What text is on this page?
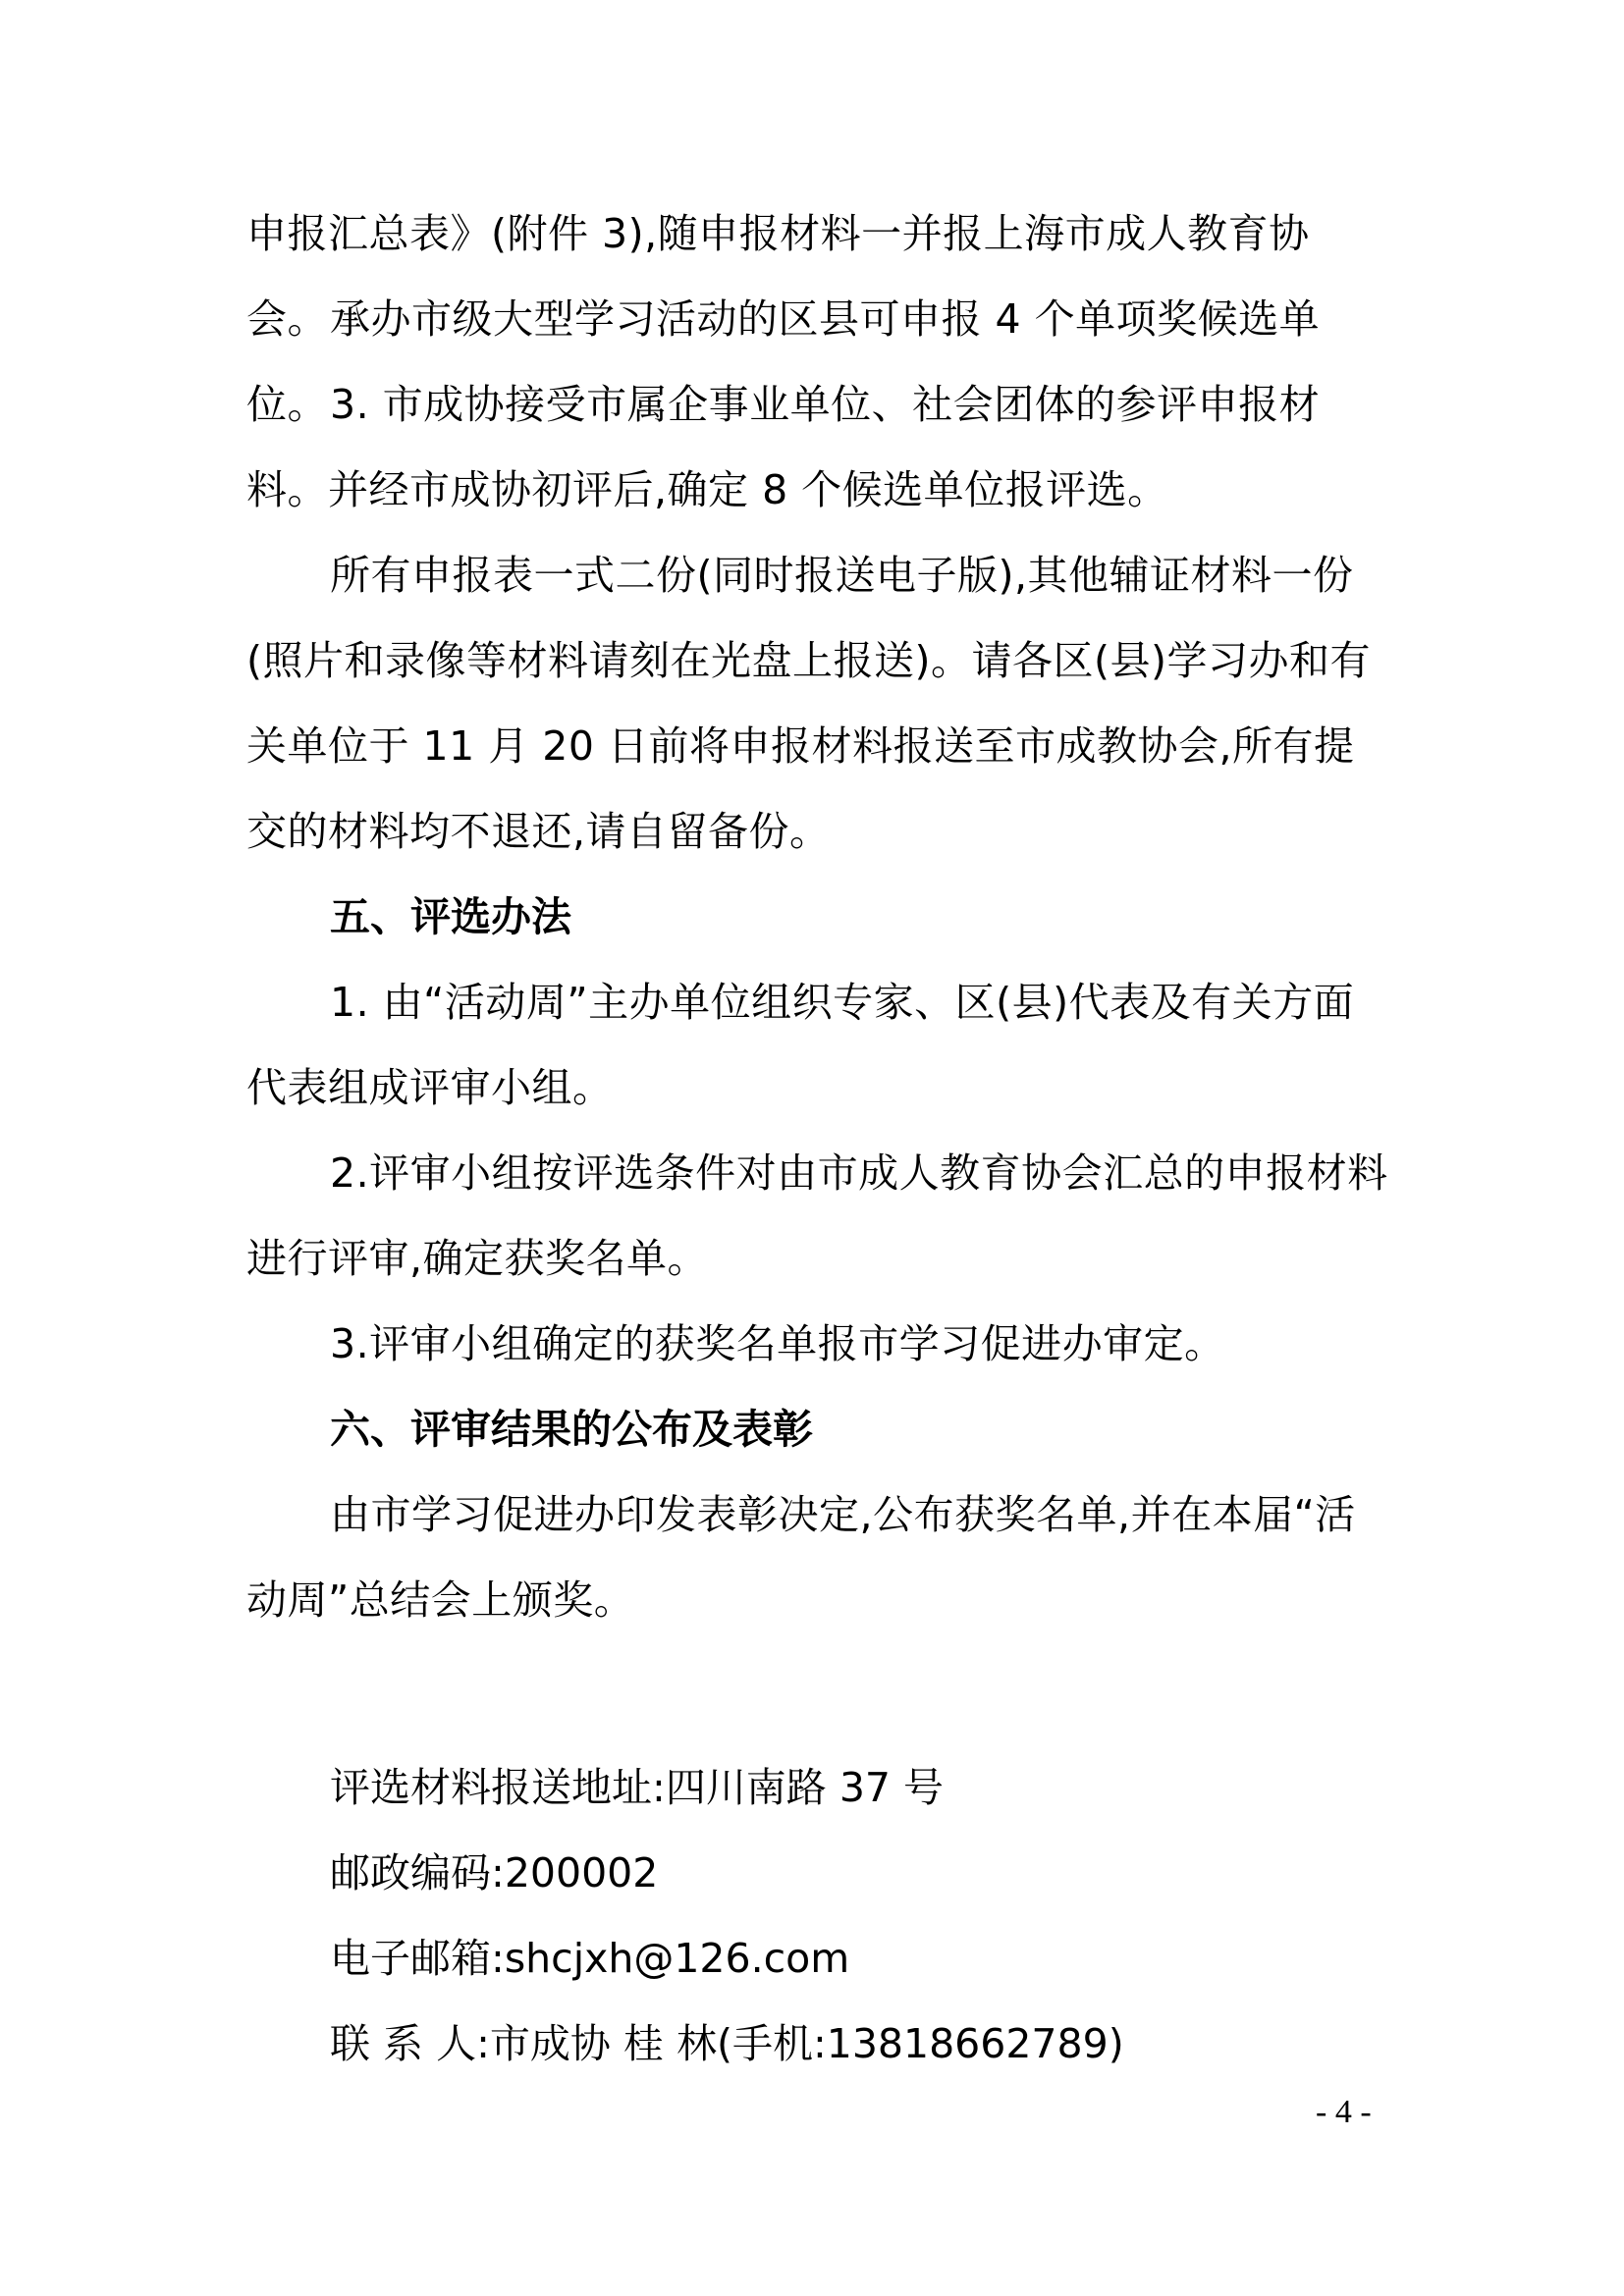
申报汇总表》(附件 3),随申报材料一并报上海市成人教育协会。 承办市级大型学习活动的区县可申报 4 个单项奖候选单位。 3. 市成协接受市属企事业单位、社会团体的参评申报材料。并经市成协初评后,确定 8 个候选单位报评选。

所有申报表一式二份(同时报送电子版),其他辅证材料一份(照片和录像等材料请刻在光盘上报送)。请各区(县)学习办和有关单位于 11 月 20 日前将申报材料报送至市成教协会,所有提交的材料均不退还,请自留备份。

五、评选办法

1. 由“活动周”主办单位组织专家、区(县)代表及有关方面代表组成评审小组。

2.评审小组按评选条件对由市成人教育协会汇总的申报材料进行评审,确定获奖名单。

3.评审小组确定的获奖名单报市学习促进办审定。

六、评审结果的公布及表彰

由市学习促进办印发表彰决定,公布获奖名单,并在本届“活动周”总结会上颁奖。

评选材料报送地址:四川南路 37 号

邮政编码:200002

电子邮箱:shcjxh@126.com

联 系 人:市成协 桂 林(手机:13818662789)

- 4 -
